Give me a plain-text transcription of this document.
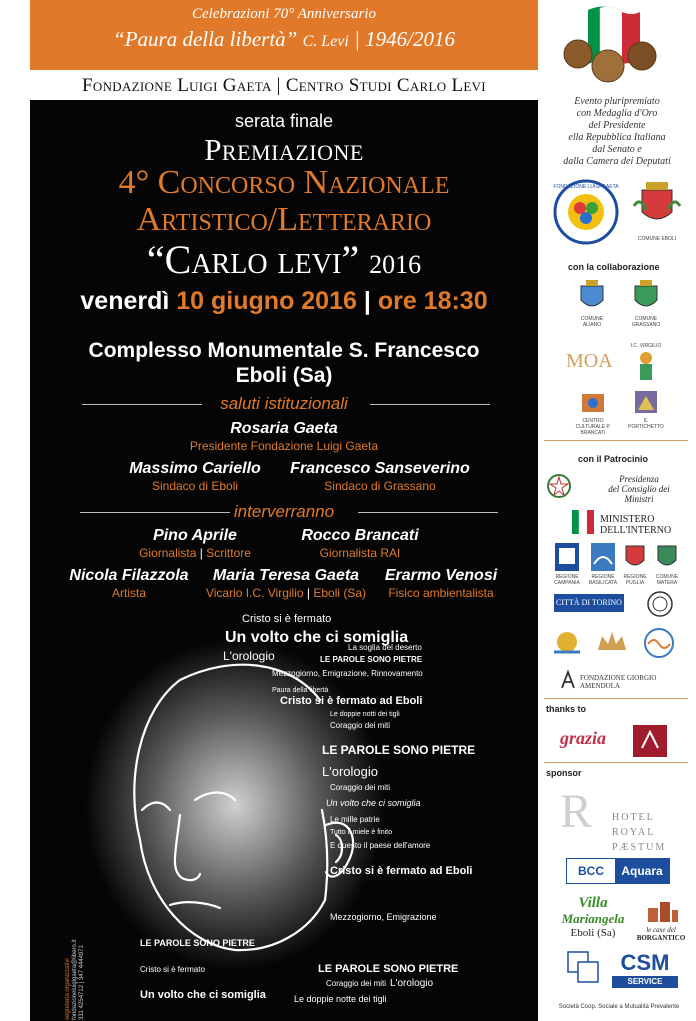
Celebrazioni 70° Anniversario
“Paura della libertà” C. Levi | 1946/2016
Fondazione Luigi Gaeta | Centro Studi Carlo Levi
serata finale
Premiazione
4° Concorso Nazionale
Artistico/Letterario
“Carlo levi” 2016
venerdì 10 giugno 2016 | ore 18:30
Complesso Monumentale S. Francesco
Eboli (Sa)
saluti istituzionali
Rosaria Gaeta
Presidente Fondazione Luigi Gaeta
Massimo Cariello
Sindaco di Eboli
Francesco Sanseverino
Sindaco di Grassano
interverranno
Pino Aprile
Giornalista | Scrittore
Rocco Brancati
Giornalista RAI
Nicola Filazzola
Artista
Maria Teresa Gaeta
Vicario I.C. Virgilio | Eboli (Sa)
Erarmo Venosi
Fisico ambientalista
Cristo si è fermato
Un volto che ci somiglia
L'orologio	LE PAROLE SONO PIETRE
La soglia del deserto
Mezzogiorno, Emigrazione, Rinnovamento
Paura della libertà
Cristo si è fermato ad Eboli
Le doppie notti dei tigli
Coraggio dei miti
LE PAROLE SONO PIETRE
L'orologio
Coraggio dei miti
Un volto che ci somiglia
Le mille patrie
Tutto il miele è finito
E questo il paese dell'amore
Cristo si è fermato ad Eboli
Mezzogiorno, Emigrazione
LE PAROLE SONO PIETRE
Coraggio dei miti L'orologio
Un volto che ci somiglia	Le doppie notte dei tigli
Cristo si è fermato
LE PAROLE SONO PIETRE
segreteria organizzativi fondazioneluigigaeta@libero.it 331 4254712 | 347 4444971
Evento pluripremiato
con Medaglia d'Oro
del Presidente
ella Repubblica Italiana
dal Senato e
dalla Camera dei Deputati
FONDAZIONE LUIGI GAETA
COMUNE EBOLI
con la collaborazione
COMUNE ALIANO
COMUNE GRASSANO
MOA
I.C. VIRGILIO
CENTRO CULTURALE P. BRANCATI
IL PORTICHETTO
con il Patrocinio
Presidenza
del Consiglio dei Ministri
MINISTERO
DELL'INTERNO
REGIONE CAMPANIA
REGIONE BASILICATA
REGIONE PUGLIA
COMUNE MATERA
CITTÀ DI TORINO
FONDAZIONE GIORGIO AMENDOLA
thanks to
grazia
sponsor
R HOTEL
ROYAL
PÆSTUM
BCC	Aquara
Villa
Mariangela
Eboli (Sa)	le case del
BORGANTICO
CSM
SERVICE
Società Coop. Sociale a Mutualità Prevalente
